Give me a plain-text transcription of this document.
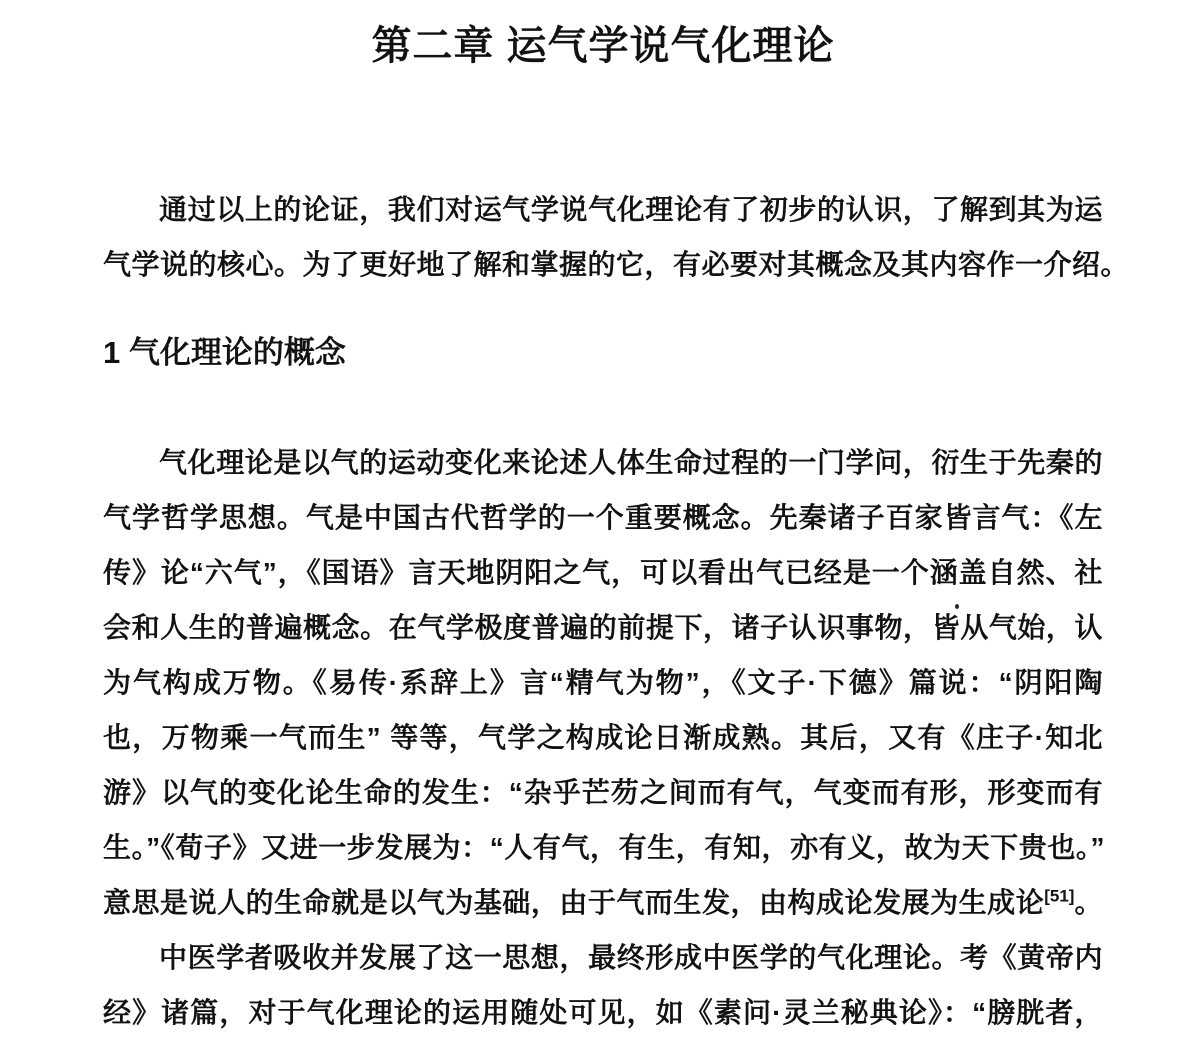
第二章 运气学说气化理论
通过以上的论证，我们对运气学说气化理论有了初步的认识，了解到其为运
气学说的核心。为了更好地了解和掌握的它，有必要对其概念及其内容作一介绍。
1 气化理论的概念
气化理论是以气的运动变化来论述人体生命过程的一门学问，衍生于先秦的
气学哲学思想。气是中国古代哲学的一个重要概念。先秦诸子百家皆言气：《左
传》论“六气”，《国语》言天地阴阳之气，可以看出气已经是一个涵盖自然、社
会和人生的普遍概念。在气学极度普遍的前提下，诸子认识事物，皆从气始，认
为气构成万物。《易传·系辞上》言“精气为物”，《文子·下德》篇说：“阴阳陶
也，万物乘一气而生” 等等，气学之构成论日渐成熟。其后，又有《庄子·知北
游》以气的变化论生命的发生：“杂乎芒芴之间而有气，气变而有形，形变而有
生。”《荀子》又进一步发展为：“人有气，有生，有知，亦有义，故为天下贵也。”
意思是说人的生命就是以气为基础，由于气而生发，由构成论发展为生成论[51]。
中医学者吸收并发展了这一思想，最终形成中医学的气化理论。考《黄帝内
经》诸篇，对于气化理论的运用随处可见，如《素问·灵兰秘典论》：“膀胱者，
